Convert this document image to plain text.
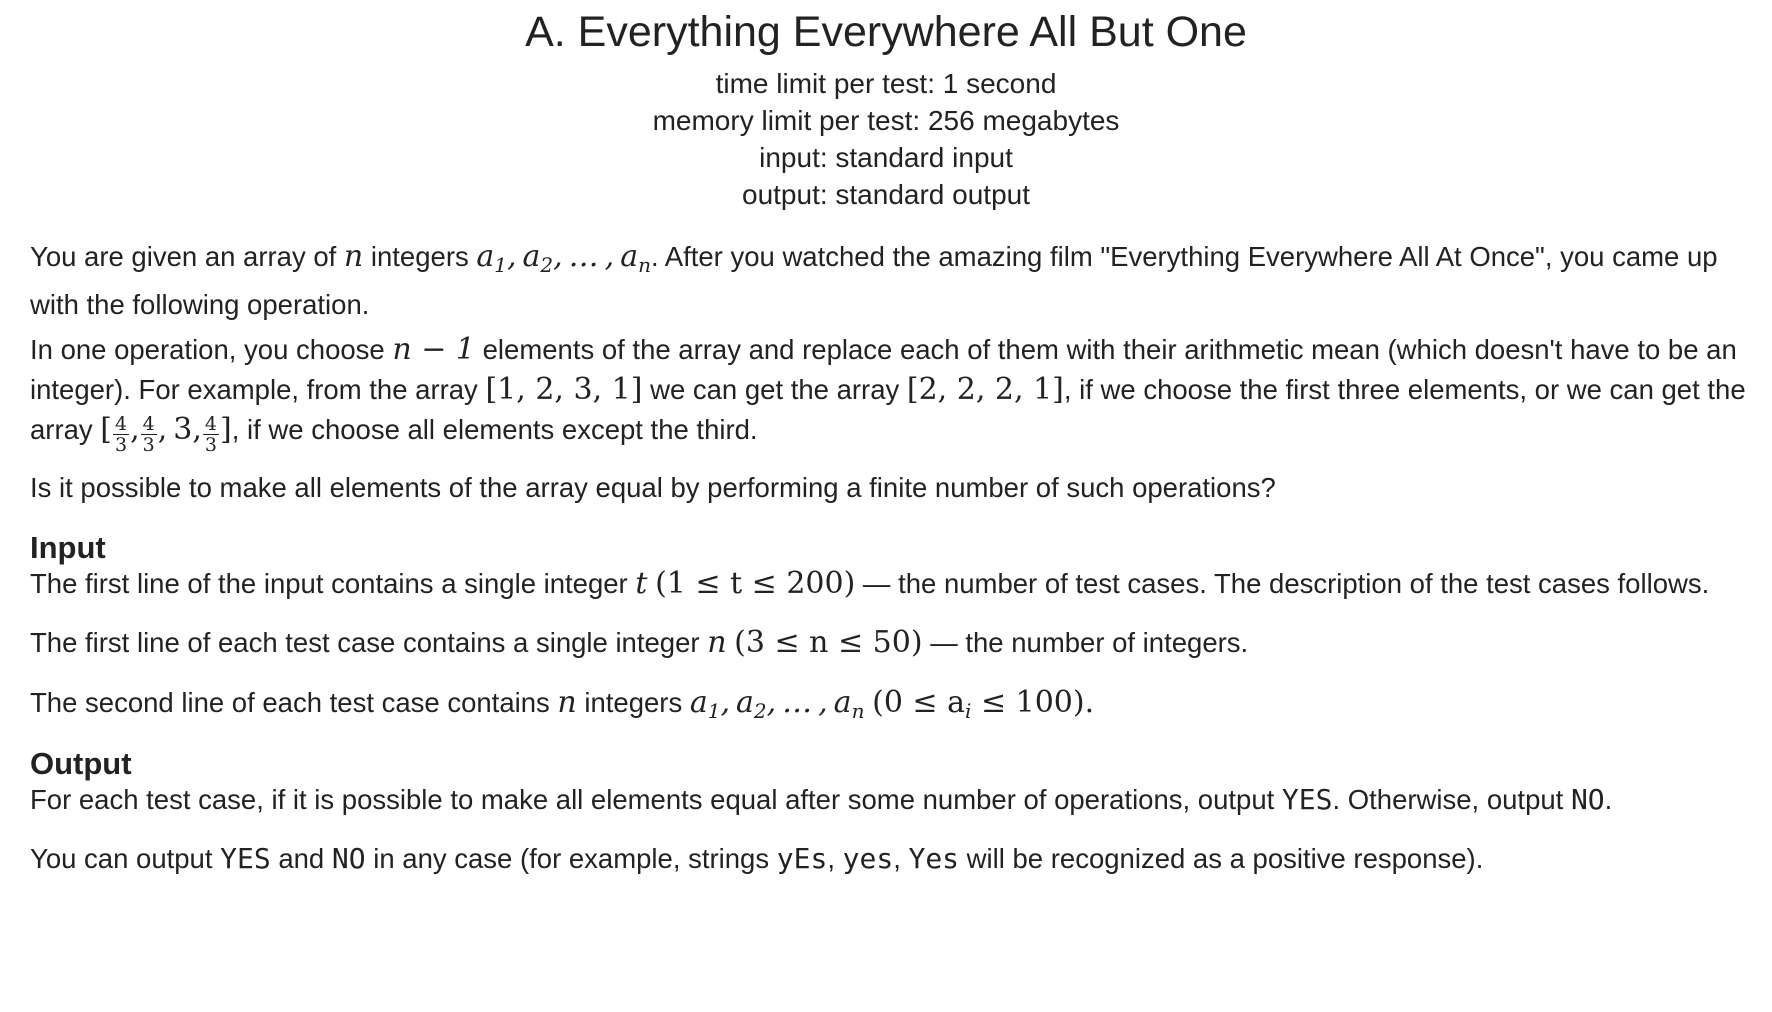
A. Everything Everywhere All But One
time limit per test: 1 second
memory limit per test: 256 megabytes
input: standard input
output: standard output

You are given an array of n integers $a_1$, $a_2$, … , $a_n$. After you watched the amazing film "Everything Everywhere All At Once", you came up with the following operation.

In one operation, you choose n − 1 elements of the array and replace each of them with their arithmetic mean (which doesn't have to be an integer). For example, from the array [1, 2, 3, 1] we can get the array [2, 2, 2, 1], if we choose the first three elements, or we can get the array [ $\frac{4}{3}$ , $\frac{4}{3}$ , 3, $\frac{4}{3}$ ], if we choose all elements except the third.

Is it possible to make all elements of the array equal by performing a finite number of such operations?

Input

The first line of the input contains a single integer t (1 ≤ t ≤ 200) — the number of test cases. The description of the test cases follows.

The first line of each test case contains a single integer n (3 ≤ n ≤ 50) — the number of integers.

The second line of each test case contains n integers $a_1$, $a_2$, … , $a_n$ $(0 \le a_i \le 100)$.

Output

For each test case, if it is possible to make all elements equal after some number of operations, output YES. Otherwise, output NO.

You can output YES and NO in any case (for example, strings yEs, yes, Yes will be recognized as a positive response).
